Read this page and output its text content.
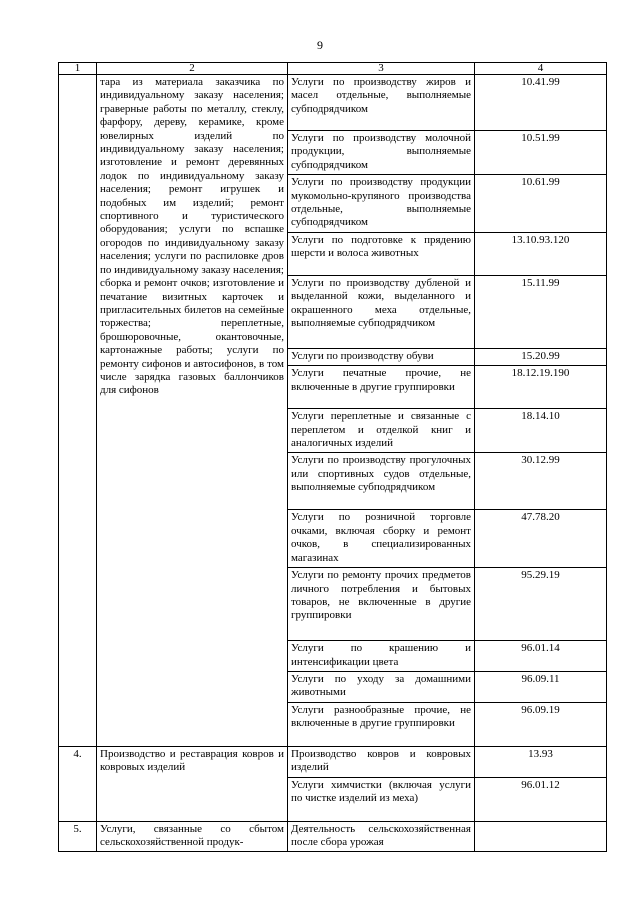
9
1	2	3	4
	тара из материала заказчика по индивидуальному заказу населения; граверные работы по металлу, стеклу, фарфору, дереву, керамике, кроме ювелирных изделий по индивидуальному заказу населения; изготовление и ремонт деревянных лодок по индивидуальному заказу населения; ремонт игрушек и подобных им изделий; ремонт спортивного и туристического оборудования; услуги по вспашке огородов по индивидуальному заказу населения; услуги по распиловке дров по индивидуальному заказу населения; сборка и ремонт очков; изготовление и печатание визитных карточек и пригласительных билетов на семейные торжества; переплетные, брошюровочные, окантовочные, картонажные работы; услуги по ремонту сифонов и автосифонов, в том числе зарядка газовых баллончиков для сифонов	Услуги по производству жиров и масел отдельные, выполняемые субподрядчиком	10.41.99
		Услуги по производству молочной продукции, выполняемые субподрядчиком	10.51.99
		Услуги по производству продукции мукомольно-крупяного производства отдельные, выполняемые субподрядчиком	10.61.99
		Услуги по подготовке к прядению шерсти и волоса животных	13.10.93.120
		Услуги по производству дубленой и выделанной кожи, выделанного и окрашенного меха отдельные, выполняемые субподрядчиком	15.11.99
		Услуги по производству обуви	15.20.99
		Услуги печатные прочие, не включенные в другие группировки	18.12.19.190
		Услуги переплетные и связанные с переплетом и отделкой книг и аналогичных изделий	18.14.10
		Услуги по производству прогулочных или спортивных судов отдельные, выполняемые субподрядчиком	30.12.99
		Услуги по розничной торговле очками, включая сборку и ремонт очков, в специализированных магазинах	47.78.20
		Услуги по ремонту прочих предметов личного потребления и бытовых товаров, не включенные в другие группировки	95.29.19
		Услуги по крашению и интенсификации цвета	96.01.14
		Услуги по уходу за домашними животными	96.09.11
		Услуги разнообразные прочие, не включенные в другие группировки	96.09.19
4.	Производство и реставрация ковров и ковровых изделий	Производство ковров и ковровых изделий	13.93
		Услуги химчистки (включая услуги по чистке изделий из меха)	96.01.12
5.	Услуги, связанные со сбытом сельскохозяйственной продук-	Деятельность сельскохозяйственная после сбора урожая	
